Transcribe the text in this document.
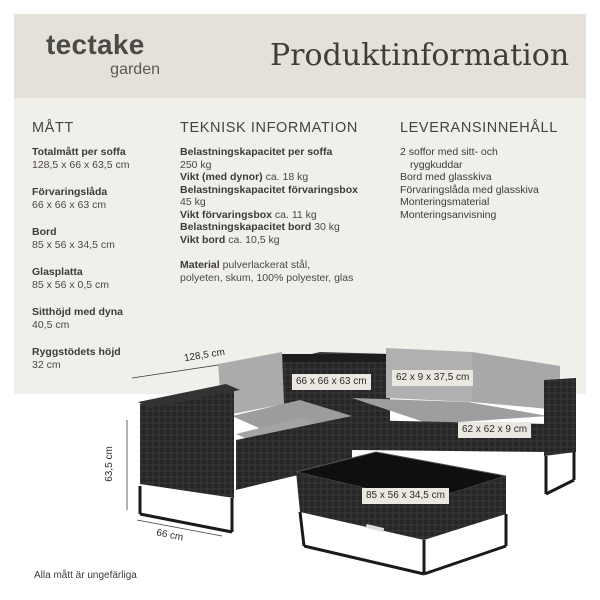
tectake
garden	Produktinformation
MÅTT	TEKNISK INFORMATION	LEVERANSINNEHÅLL
Totalmått per soffa
128,5 x 66 x 63,5 cm
Förvaringslåda
66 x 66 x 63 cm
Bord
85 x 56 x 34,5 cm
Glasplatta
85 x 56 x 0,5 cm
Sitthöjd med dyna
40,5 cm
Ryggstödets höjd
32 cm
Belastningskapacitet per soffa
250 kg
Vikt (med dynor) ca. 18 kg
Belastningskapacitet förvaringsbox
45 kg
Vikt förvaringsbox ca. 11 kg
Belastningskapacitet bord 30 kg
Vikt bord ca. 10,5 kg
Material pulverlackerat stål,
polyeten, skum, 100% polyester, glas
2 soffor med sitt- och
ryggkuddar
Bord med glasskiva
Förvaringslåda med glasskiva
Monteringsmaterial
Monteringsanvisning
128,5 cm
66 x 66 x 63 cm	62 x 9 x 37,5 cm
62 x 62 x 9 cm
85 x 56 x 34,5 cm
63,5 cm
66 cm
Alla mått är ungefärliga
